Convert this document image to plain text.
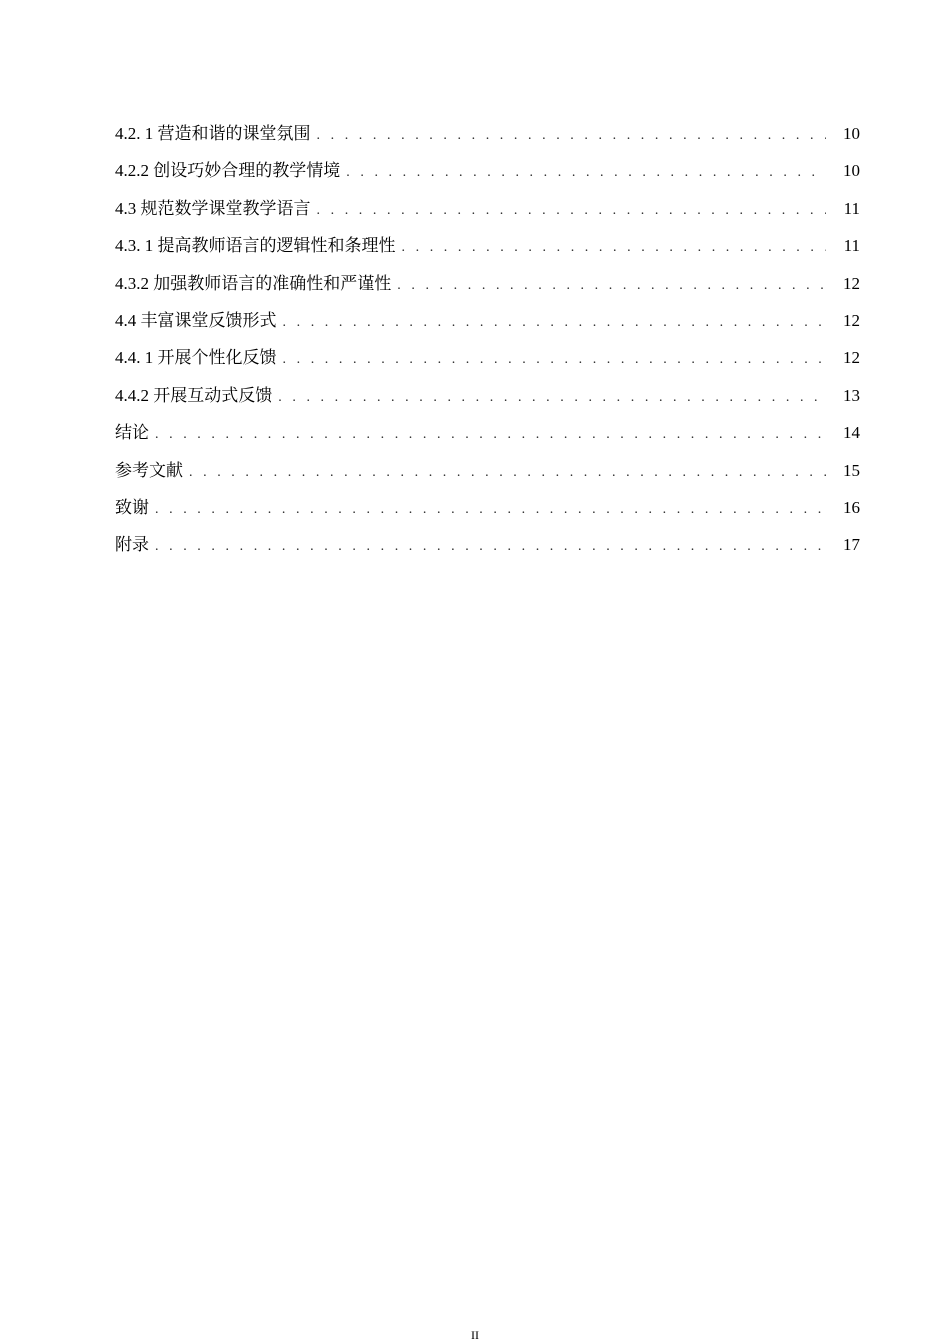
4.2. 1 营造和谐的课堂氛围 . . .	10
4.2.2 创设巧妙合理的教学情境 . . .	10
4.3 规范数学课堂教学语言 . . .	11
4.3. 1 提高教师语言的逻辑性和条理性 . . .	11
4.3.2 加强教师语言的准确性和严谨性 . . .	12
4.4 丰富课堂反馈形式 . . .	12
4.4. 1 开展个性化反馈 . . .	12
4.4.2 开展互动式反馈 . . .	13
结论 . . .	14
参考文献 . . .	15
致谢 . . .	16
附录 . . .	17
II
